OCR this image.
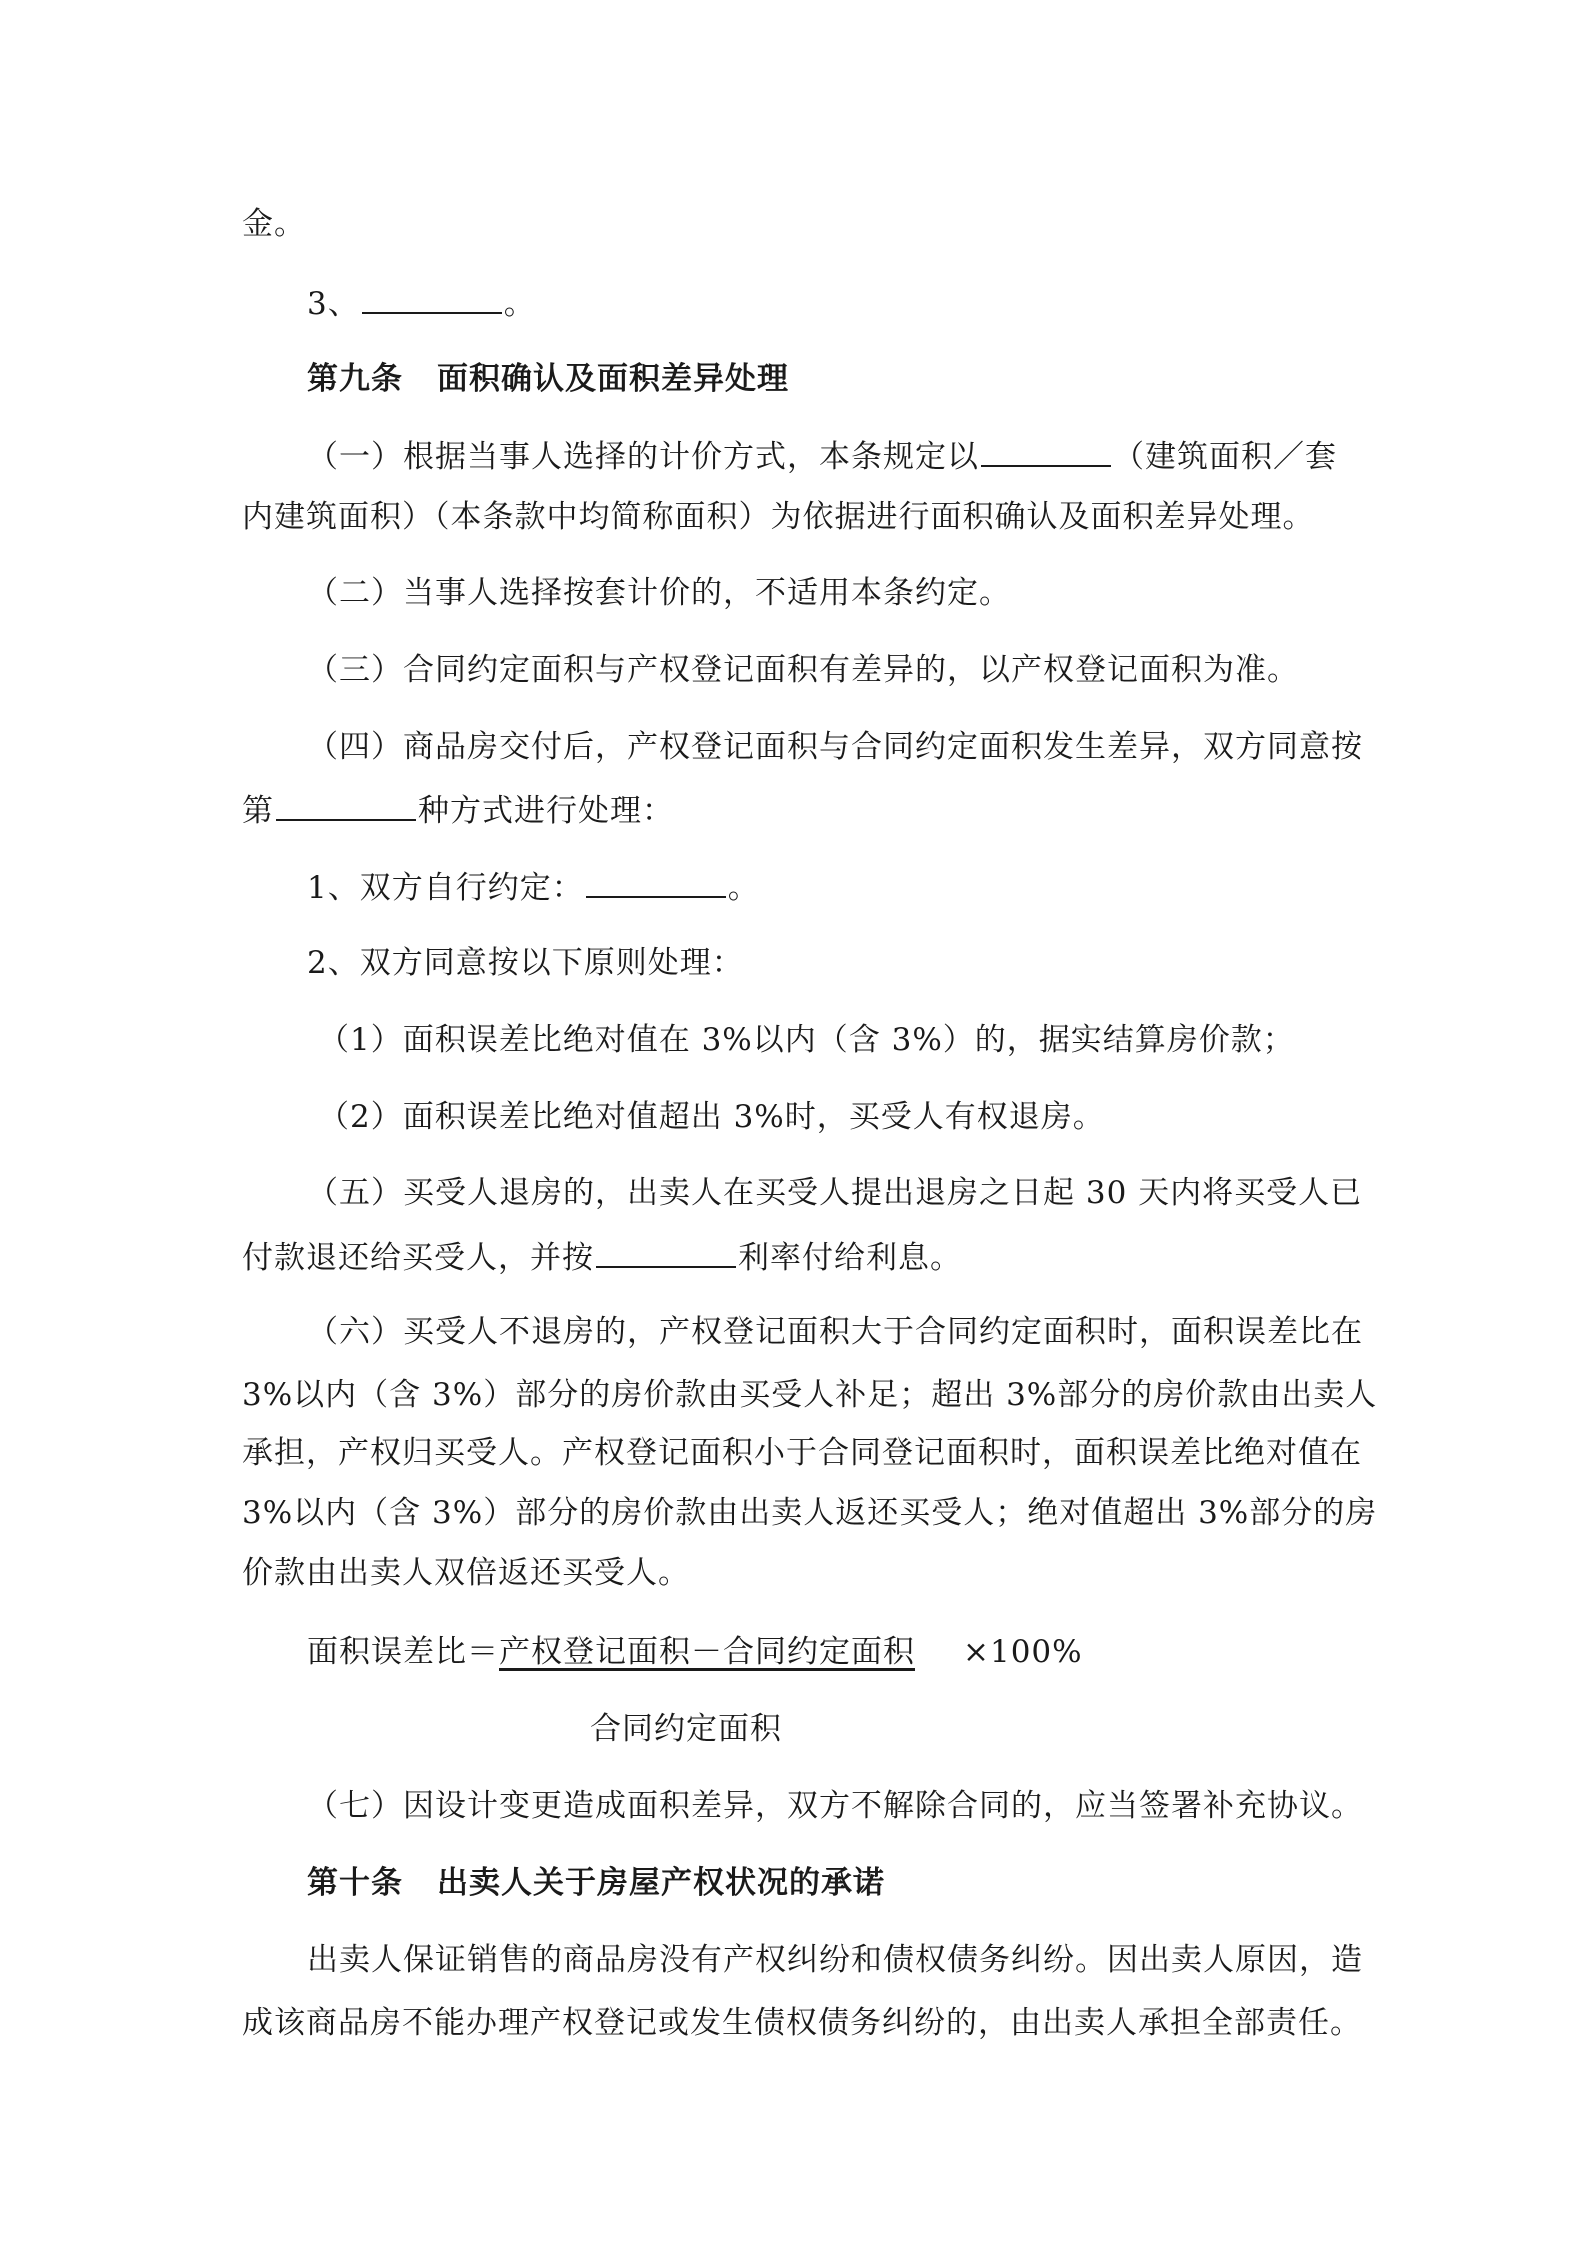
金。
3、	。
第九条 面积确认及面积差异处理
（一）根据当事人选择的计价方式，本条规定以	（建筑面积／套
内建筑面积）（本条款中均简称面积）为依据进行面积确认及面积差异处理。
（二）当事人选择按套计价的，不适用本条约定。
（三）合同约定面积与产权登记面积有差异的，以产权登记面积为准。
（四）商品房交付后，产权登记面积与合同约定面积发生差异，双方同意按
第	种方式进行处理：
1、双方自行约定：	。
2、双方同意按以下原则处理：
（1）面积误差比绝对值在 3%以内（含 3%）的，据实结算房价款；
（2）面积误差比绝对值超出 3%时，买受人有权退房。
（五）买受人退房的，出卖人在买受人提出退房之日起 30 天内将买受人已
付款退还给买受人，并按	利率付给利息。
（六）买受人不退房的，产权登记面积大于合同约定面积时，面积误差比在
3%以内（含 3%）部分的房价款由买受人补足；超出 3%部分的房价款由出卖人
承担，产权归买受人。产权登记面积小于合同登记面积时，面积误差比绝对值在
3%以内（含 3%）部分的房价款由出卖人返还买受人；绝对值超出 3%部分的房
价款由出卖人双倍返还买受人。
面积误差比＝产权登记面积－合同约定面积 ×100%
合同约定面积
（七）因设计变更造成面积差异，双方不解除合同的，应当签署补充协议。
第十条 出卖人关于房屋产权状况的承诺
出卖人保证销售的商品房没有产权纠纷和债权债务纠纷。因出卖人原因，造
成该商品房不能办理产权登记或发生债权债务纠纷的，由出卖人承担全部责任。
